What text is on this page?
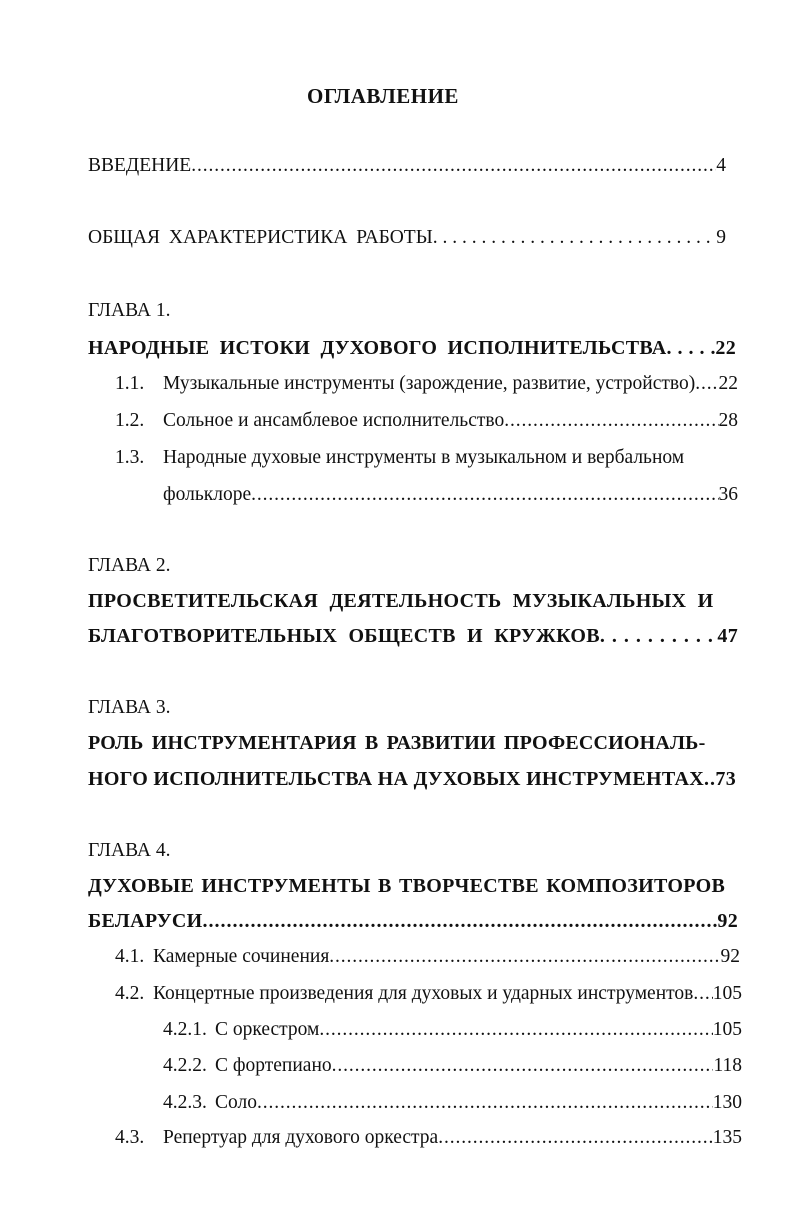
ОГЛАВЛЕНИЕ
ВВЕДЕНИЕ . . .	4
ОБЩАЯ ХАРАКТЕРИСТИКА РАБОТЫ . . .	9
ГЛАВА 1.
НАРОДНЫЕ ИСТОКИ ДУХОВОГО ИСПОЛНИТЕЛЬСТВА . . . 22
1.1. Музыкальные инструменты (зарождение, развитие, устройство) . . . 22
1.2. Сольное и ансамблевое исполнительство . . .	28
1.3. Народные духовые инструменты в музыкальном и вербальном
фольклоре . . .	36
ГЛАВА 2.
ПРОСВЕТИТЕЛЬСКАЯ ДЕЯТЕЛЬНОСТЬ МУЗЫКАЛЬНЫХ И
БЛАГОТВОРИТЕЛЬНЫХ ОБЩЕСТВ И КРУЖКОВ . . .	47
ГЛАВА 3.
РОЛЬ ИНСТРУМЕНТАРИЯ В РАЗВИТИИ ПРОФЕССИОНАЛЬ-
НОГО ИСПОЛНИТЕЛЬСТВА НА ДУХОВЫХ ИНСТРУМЕНТАХ . . . 73
ГЛАВА 4.
ДУХОВЫЕ ИНСТРУМЕНТЫ В ТВОРЧЕСТВЕ КОМПОЗИТОРОВ
БЕЛАРУСИ . . .	92
4.1. Камерные сочинения . . .	92
4.2. Концертные произведения для духовых и ударных инструментов . . . 105
4.2.1. С оркестром . . .	105
4.2.2. С фортепиано . . .	118
4.2.3. Соло . . .	130
4.3. Репертуар для духового оркестра . . .	135
